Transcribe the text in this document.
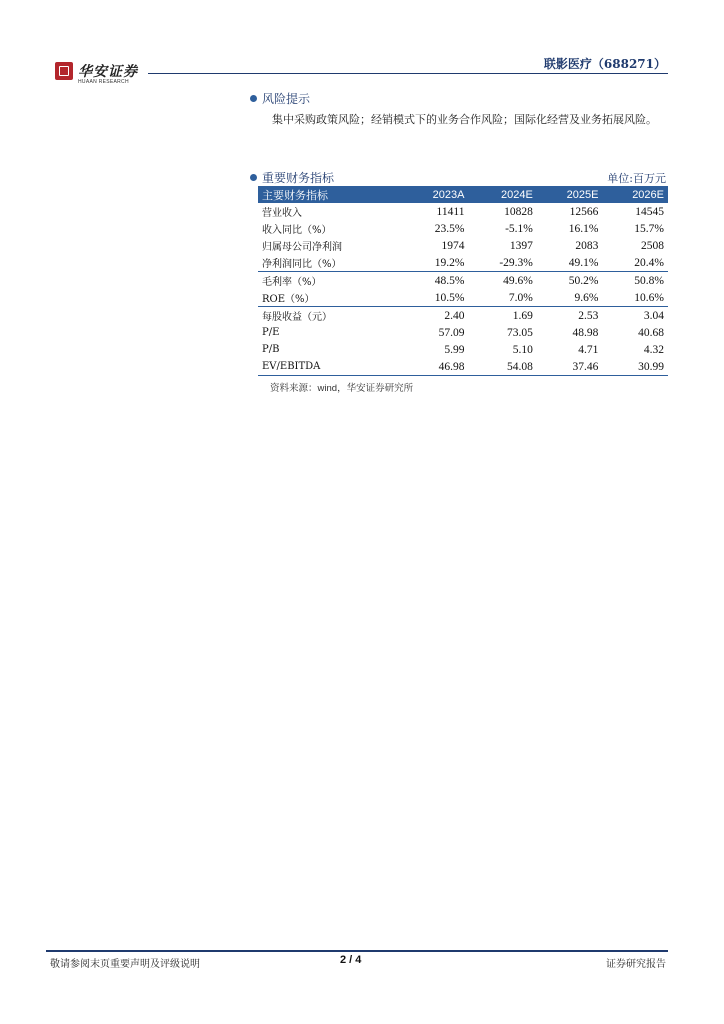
华安证券
HUAAN RESEARCH
联影医疗（688271）
风险提示
集中采购政策风险；经销模式下的业务合作风险；国际化经营及业务拓展风险。
重要财务指标	单位:百万元
主要财务指标	2023A	2024E	2025E	2026E
营业收入	11411	10828	12566	14545
收入同比（%）	23.5%	-5.1%	16.1%	15.7%
归属母公司净利润	1974	1397	2083	2508
净利润同比（%）	19.2%	-29.3%	49.1%	20.4%
毛利率（%）	48.5%	49.6%	50.2%	50.8%
ROE（%）	10.5%	7.0%	9.6%	10.6%
每股收益（元）	2.40	1.69	2.53	3.04
P/E	57.09	73.05	48.98	40.68
P/B	5.99	5.10	4.71	4.32
EV/EBITDA	46.98	54.08	37.46	30.99
资料来源：wind，华安证券研究所
敬请参阅末页重要声明及评级说明	2 / 4	证券研究报告
